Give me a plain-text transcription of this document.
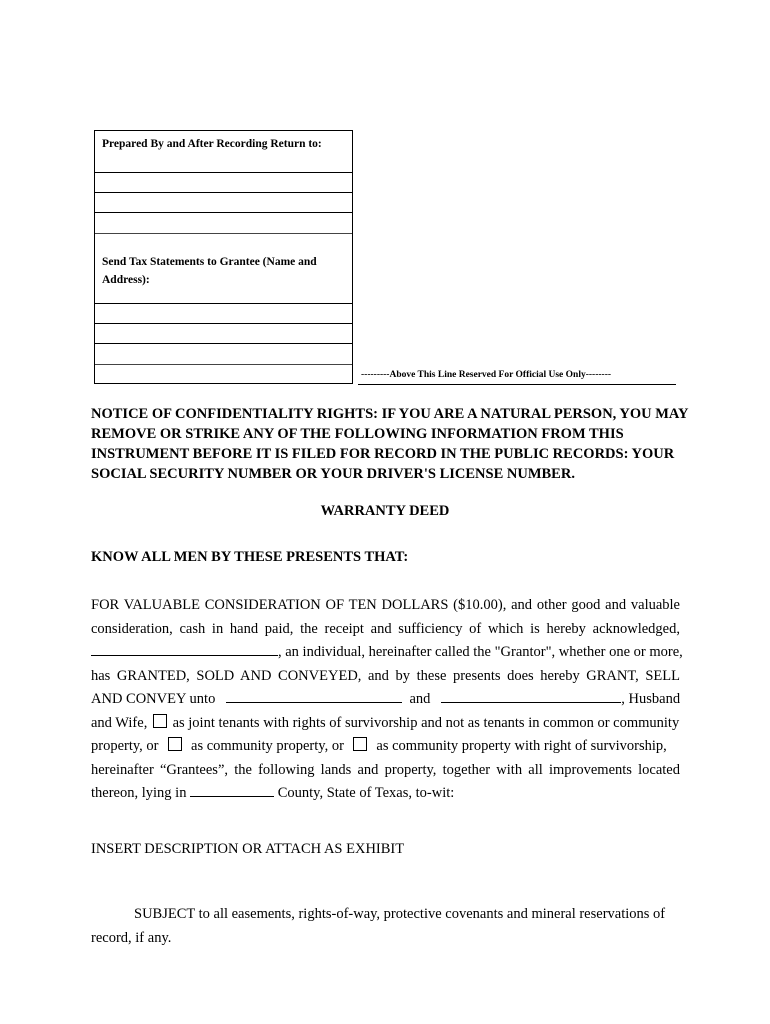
Prepared By and After Recording Return to:
Send Tax Statements to Grantee (Name and Address):
---------Above This Line Reserved For Official Use Only--------
NOTICE OF CONFIDENTIALITY RIGHTS: IF YOU ARE A NATURAL PERSON, YOU MAY REMOVE OR STRIKE ANY OF THE FOLLOWING INFORMATION FROM THIS INSTRUMENT BEFORE IT IS FILED FOR RECORD IN THE PUBLIC RECORDS: YOUR SOCIAL SECURITY NUMBER OR YOUR DRIVER'S LICENSE NUMBER.
WARRANTY DEED
KNOW ALL MEN BY THESE PRESENTS THAT:
FOR VALUABLE CONSIDERATION OF TEN DOLLARS ($10.00), and other good and valuable
consideration, cash in hand paid, the receipt and sufficiency of which is hereby acknowledged,
, an individual, hereinafter called the "Grantor", whether one or more,
has GRANTED, SOLD AND CONVEYED, and by these presents does hereby GRANT, SELL
AND CONVEY unto	and	, Husband
and Wife, as joint tenants with rights of survivorship and not as tenants in common or community
property, or as community property, or as community property with right of survivorship,
hereinafter “Grantees”, the following lands and property, together with all improvements located
thereon, lying in	County, State of Texas, to-wit:
INSERT DESCRIPTION OR ATTACH AS EXHIBIT
SUBJECT to all easements, rights-of-way, protective covenants and mineral reservations of record, if any.
